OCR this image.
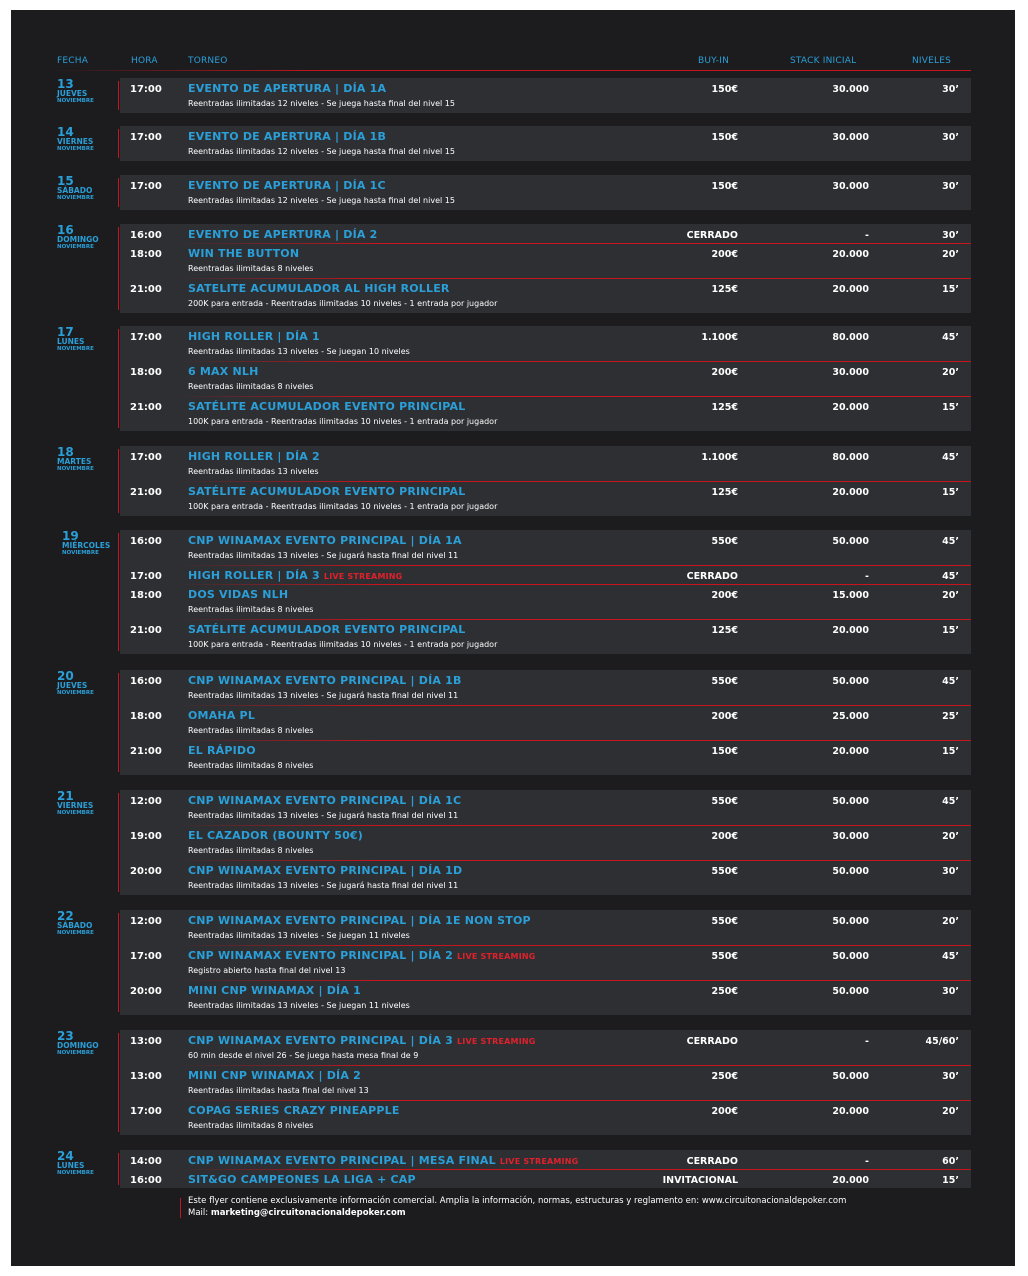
FECHA	HORA	TORNEO	BUY-IN	STACK INICIAL	NIVELES
13
JUEVES
NOVIEMBRE
17:00 EVENTO DE APERTURA | DÍA 1A
Reentradas ilimitadas 12 niveles - Se juega hasta final del nivel 15
150€	30.000	30’
14
VIERNES
NOVIEMBRE
17:00 EVENTO DE APERTURA | DÍA 1B
Reentradas ilimitadas 12 niveles - Se juega hasta final del nivel 15
150€	30.000	30’
15
SÁBADO
NOVIEMBRE
17:00 EVENTO DE APERTURA | DÍA 1C
Reentradas ilimitadas 12 niveles - Se juega hasta final del nivel 15
150€	30.000	30’
16
DOMINGO
NOVIEMBRE
16:00 EVENTO DE APERTURA | DÍA 2	CERRADO	-	30’
18:00 WIN THE BUTTON
Reentradas ilimitadas 8 niveles
200€	20.000	20’
21:00 SATELITE ACUMULADOR AL HIGH ROLLER
200K para entrada - Reentradas ilimitadas 10 niveles - 1 entrada por jugador
125€	20.000	15’
17
LUNES
NOVIEMBRE
17:00 HIGH ROLLER | DÍA 1
Reentradas ilimitadas 13 niveles - Se juegan 10 niveles
1.100€	80.000	45’
18:00 6 MAX NLH
Reentradas ilimitadas 8 niveles
200€	30.000	20’
21:00 SATÉLITE ACUMULADOR EVENTO PRINCIPAL
100K para entrada - Reentradas ilimitadas 10 niveles - 1 entrada por jugador
125€	20.000	15’
18
MARTES
NOVIEMBRE
17:00 HIGH ROLLER | DÍA 2
Reentradas ilimitadas 13 niveles
1.100€	80.000	45’
21:00 SATÉLITE ACUMULADOR EVENTO PRINCIPAL
100K para entrada - Reentradas ilimitadas 10 niveles - 1 entrada por jugador
125€	20.000	15’
19
MIÉRCOLES
NOVIEMBRE
16:00 CNP WINAMAX EVENTO PRINCIPAL | DÍA 1A
Reentradas ilimitadas 13 niveles - Se jugará hasta final del nivel 11
550€	50.000	45’
17:00 HIGH ROLLER | DÍA 3 LIVE STREAMING	CERRADO	-	45’
18:00 DOS VIDAS NLH
Reentradas ilimitadas 8 niveles
200€	15.000	20’
21:00 SATÉLITE ACUMULADOR EVENTO PRINCIPAL
100K para entrada - Reentradas ilimitadas 10 niveles - 1 entrada por jugador
125€	20.000	15’
20
JUEVES
NOVIEMBRE
16:00 CNP WINAMAX EVENTO PRINCIPAL | DÍA 1B
Reentradas ilimitadas 13 niveles - Se jugará hasta final del nivel 11
550€	50.000	45’
18:00 OMAHA PL
Reentradas ilimitadas 8 niveles
200€	25.000	25’
21:00 EL RÁPIDO
Reentradas ilimitadas 8 niveles
150€	20.000	15’
21
VIERNES
NOVIEMBRE
12:00 CNP WINAMAX EVENTO PRINCIPAL | DÍA 1C
Reentradas ilimitadas 13 niveles - Se jugará hasta final del nivel 11
550€	50.000	45’
19:00 EL CAZADOR (BOUNTY 50€)
Reentradas ilimitadas 8 niveles
200€	30.000	20’
20:00 CNP WINAMAX EVENTO PRINCIPAL | DÍA 1D
Reentradas ilimitadas 13 niveles - Se jugará hasta final del nivel 11
550€	50.000	30’
22
SÁBADO
NOVIEMBRE
12:00 CNP WINAMAX EVENTO PRINCIPAL | DÍA 1E NON STOP
Reentradas ilimitadas 13 niveles - Se juegan 11 niveles
550€	50.000	20’
17:00 CNP WINAMAX EVENTO PRINCIPAL | DÍA 2 LIVE STREAMING
Registro abierto hasta final del nivel 13
550€	50.000	45’
20:00 MINI CNP WINAMAX | DÍA 1
Reentradas ilimitadas 13 niveles - Se juegan 11 niveles
250€	50.000	30’
23
DOMINGO
NOVIEMBRE
13:00 CNP WINAMAX EVENTO PRINCIPAL | DÍA 3 LIVE STREAMING
60 min desde el nivel 26 - Se juega hasta mesa final de 9
CERRADO	-	45/60’
13:00 MINI CNP WINAMAX | DÍA 2
Reentradas ilimitadas hasta final del nivel 13
250€	50.000	30’
17:00 COPAG SERIES CRAZY PINEAPPLE
Reentradas ilimitadas 8 niveles
200€	20.000	20’
24
LUNES
NOVIEMBRE
14:00 CNP WINAMAX EVENTO PRINCIPAL | MESA FINAL LIVE STREAMING	CERRADO	-	60’
16:00 SIT&GO CAMPEONES LA LIGA + CAP	INVITACIONAL	20.000	15’
Este flyer contiene exclusivamente información comercial. Amplia la información, normas, estructuras y reglamento en: www.circuitonacionaldepoker.com
Mail: marketing@circuitonacionaldepoker.com
